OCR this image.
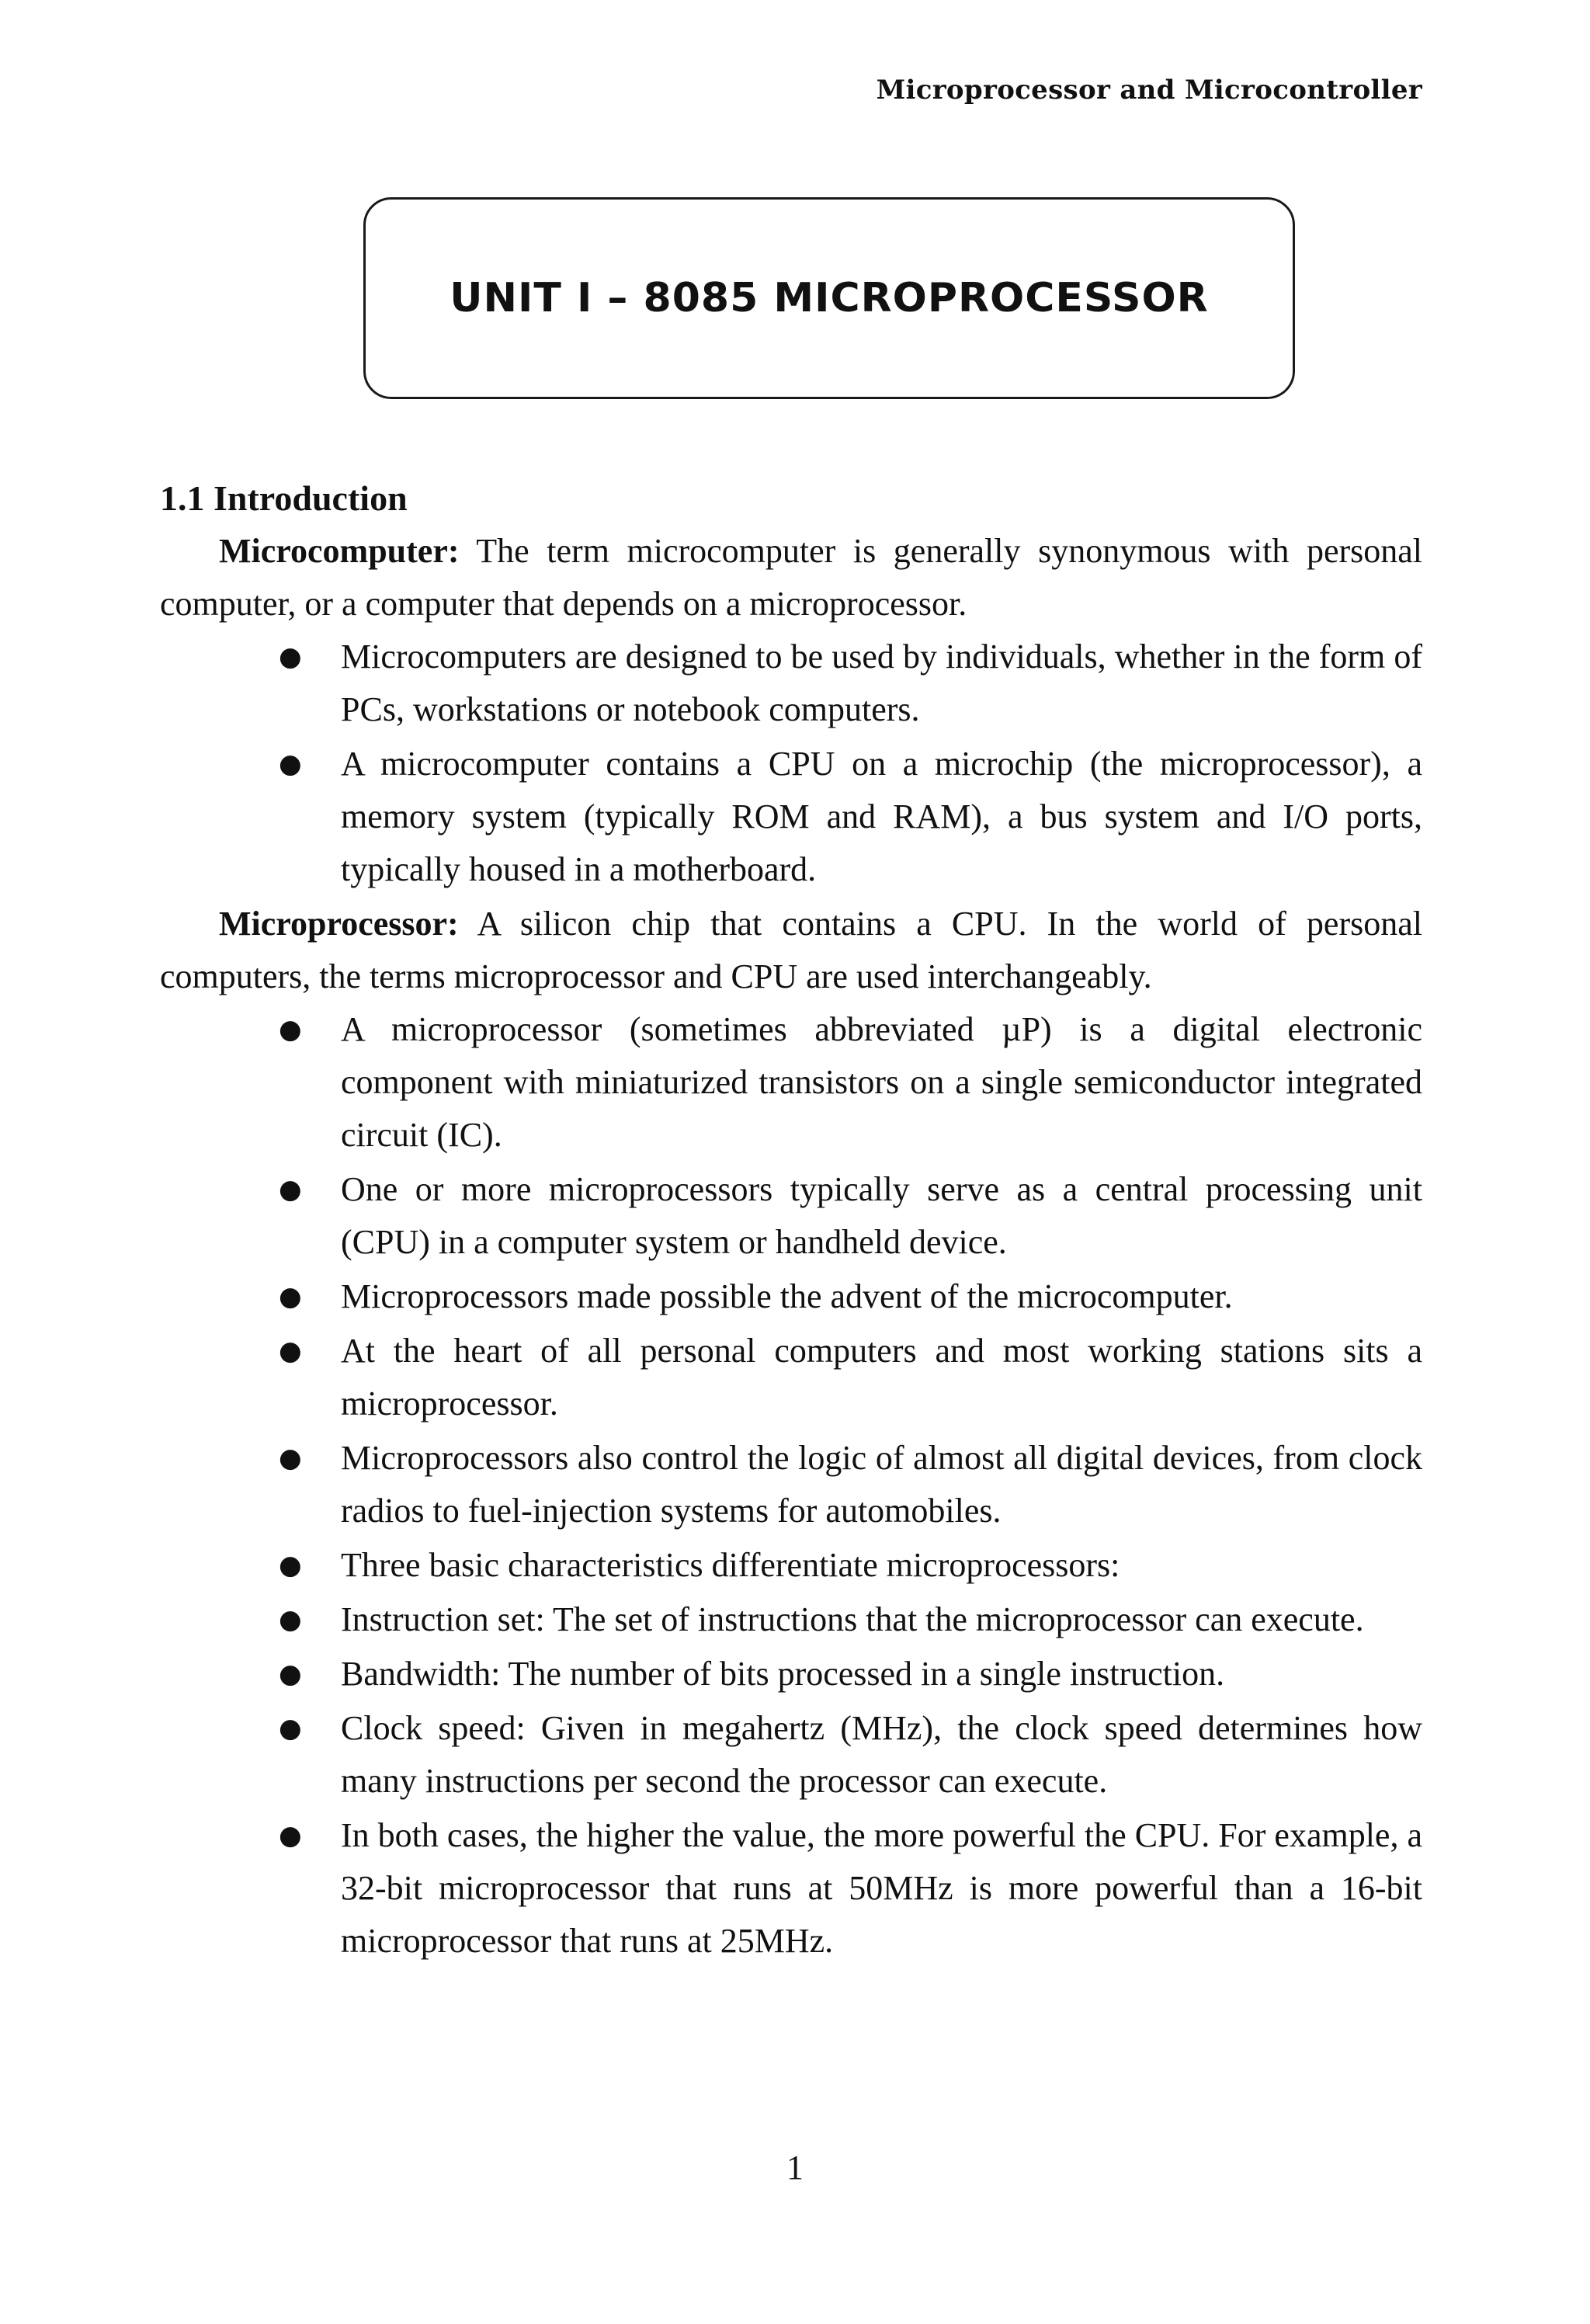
Microprocessor and Microcontroller
UNIT I – 8085 MICROPROCESSOR

1.1 Introduction

Microcomputer: The term microcomputer is generally synonymous with personal computer, or a computer that depends on a microprocessor.

● Microcomputers are designed to be used by individuals, whether in the form of PCs, workstations or notebook computers.
● A microcomputer contains a CPU on a microchip (the microprocessor), a memory system (typically ROM and RAM), a bus system and I/O ports, typically housed in a motherboard.

Microprocessor: A silicon chip that contains a CPU. In the world of personal computers, the terms microprocessor and CPU are used interchangeably.

● A microprocessor (sometimes abbreviated µP) is a digital electronic component with miniaturized transistors on a single semiconductor integrated circuit (IC).
● One or more microprocessors typically serve as a central processing unit (CPU) in a computer system or handheld device.
● Microprocessors made possible the advent of the microcomputer.
● At the heart of all personal computers and most working stations sits a microprocessor.
● Microprocessors also control the logic of almost all digital devices, from clock radios to fuel-injection systems for automobiles.
● Three basic characteristics differentiate microprocessors:
● Instruction set: The set of instructions that the microprocessor can execute.
● Bandwidth: The number of bits processed in a single instruction.
● Clock speed: Given in megahertz (MHz), the clock speed determines how many instructions per second the processor can execute.
● In both cases, the higher the value, the more powerful the CPU. For example, a 32-bit microprocessor that runs at 50MHz is more powerful than a 16-bit microprocessor that runs at 25MHz.
1
